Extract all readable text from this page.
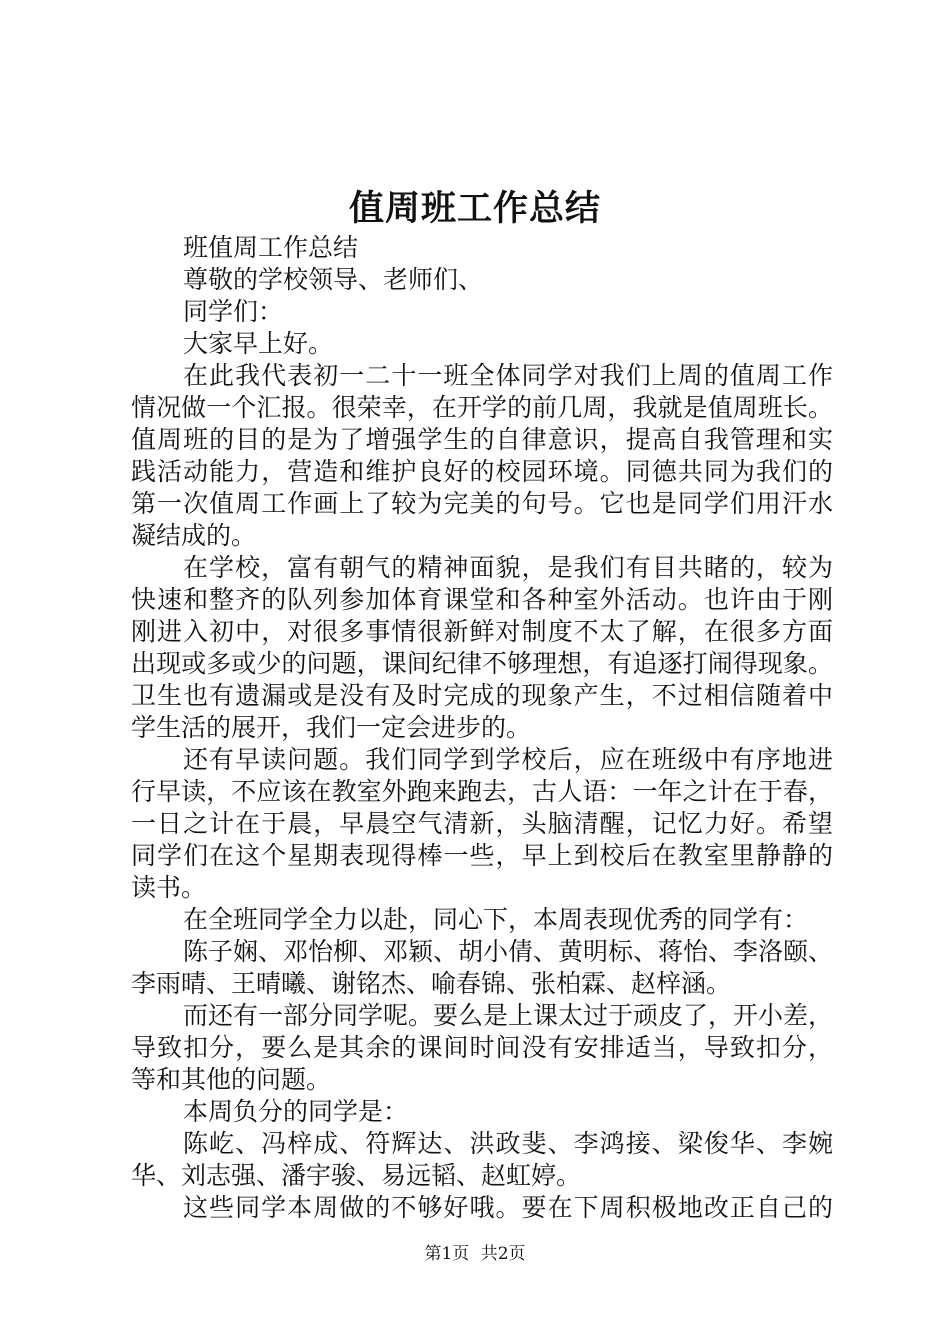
值周班工作总结
班值周工作总结
尊敬的学校领导、老师们、
同学们：
大家早上好。
在此我代表初一二十一班全体同学对我们上周的值周工作
情况做一个汇报。很荣幸，在开学的前几周，我就是值周班长。
值周班的目的是为了增强学生的自律意识，提高自我管理和实
践活动能力，营造和维护良好的校园环境。同德共同为我们的
第一次值周工作画上了较为完美的句号。它也是同学们用汗水
凝结成的。
在学校，富有朝气的精神面貌，是我们有目共睹的，较为
快速和整齐的队列参加体育课堂和各种室外活动。也许由于刚
刚进入初中，对很多事情很新鲜对制度不太了解，在很多方面
出现或多或少的问题，课间纪律不够理想，有追逐打闹得现象。
卫生也有遗漏或是没有及时完成的现象产生，不过相信随着中
学生活的展开，我们一定会进步的。
还有早读问题。我们同学到学校后，应在班级中有序地进
行早读，不应该在教室外跑来跑去，古人语：一年之计在于春，
一日之计在于晨，早晨空气清新，头脑清醒，记忆力好。希望
同学们在这个星期表现得棒一些，早上到校后在教室里静静的
读书。
在全班同学全力以赴，同心下，本周表现优秀的同学有：
陈子娴、邓怡柳、邓颖、胡小倩、黄明标、蒋怡、李洛颐、
李雨晴、王晴曦、谢铭杰、喻春锦、张柏霖、赵梓涵。
而还有一部分同学呢。要么是上课太过于顽皮了，开小差，
导致扣分，要么是其余的课间时间没有安排适当，导致扣分，
等和其他的问题。
本周负分的同学是：
陈屹、冯梓成、符辉达、洪政斐、李鸿接、梁俊华、李婉
华、刘志强、潘宇骏、易远韬、赵虹婷。
这些同学本周做的不够好哦。要在下周积极地改正自己的
第1页 共2页
